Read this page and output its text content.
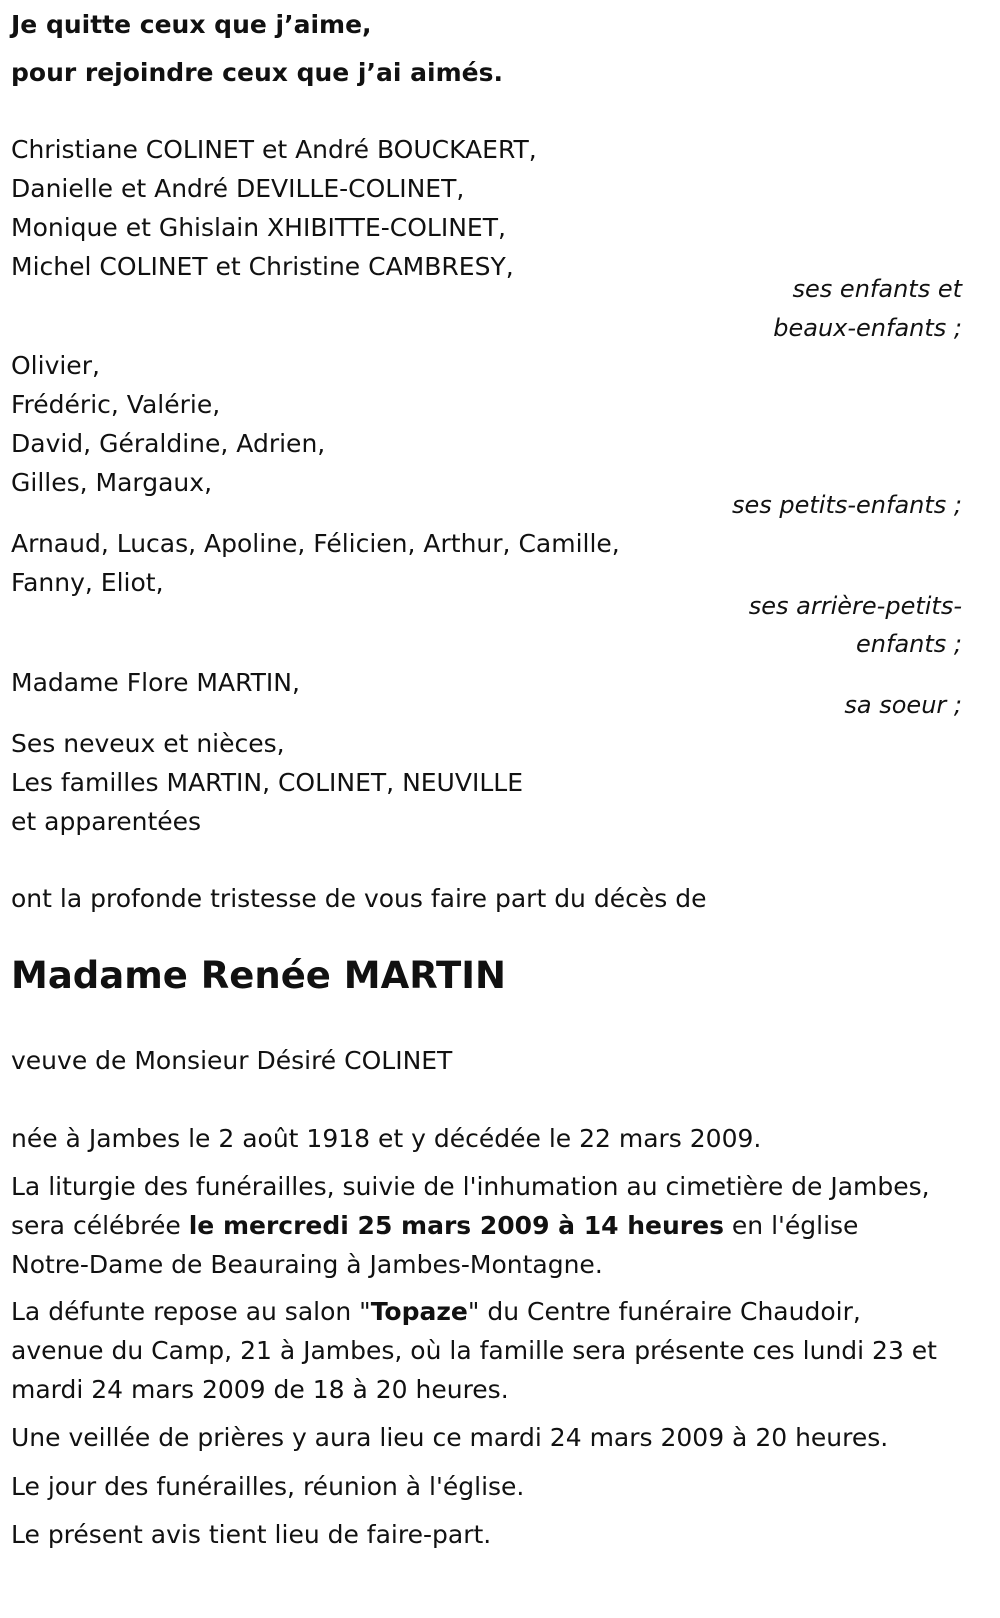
Je quitte ceux que j’aime,
pour rejoindre ceux que j’ai aimés.
Christiane COLINET et André BOUCKAERT,
Danielle et André DEVILLE-COLINET,
Monique et Ghislain XHIBITTE-COLINET,
Michel COLINET et Christine CAMBRESY,
ses enfants et
beaux-enfants ;
Olivier,
Frédéric, Valérie,
David, Géraldine, Adrien,
Gilles, Margaux,
ses petits-enfants ;
Arnaud, Lucas, Apoline, Félicien, Arthur, Camille,
Fanny, Eliot,
ses arrière-petits-
enfants ;
Madame Flore MARTIN,
sa soeur ;
Ses neveux et nièces,
Les familles MARTIN, COLINET, NEUVILLE
et apparentées
ont la profonde tristesse de vous faire part du décès de
Madame Renée MARTIN
veuve de Monsieur Désiré COLINET
née à Jambes le 2 août 1918 et y décédée le 22 mars 2009.
La liturgie des funérailles, suivie de l'inhumation au cimetière de Jambes,
sera célébrée le mercredi 25 mars 2009 à 14 heures en l'église
Notre-Dame de Beauraing à Jambes-Montagne.
La défunte repose au salon "Topaze" du Centre funéraire Chaudoir,
avenue du Camp, 21 à Jambes, où la famille sera présente ces lundi 23 et
mardi 24 mars 2009 de 18 à 20 heures.
Une veillée de prières y aura lieu ce mardi 24 mars 2009 à 20 heures.
Le jour des funérailles, réunion à l'église.
Le présent avis tient lieu de faire-part.
